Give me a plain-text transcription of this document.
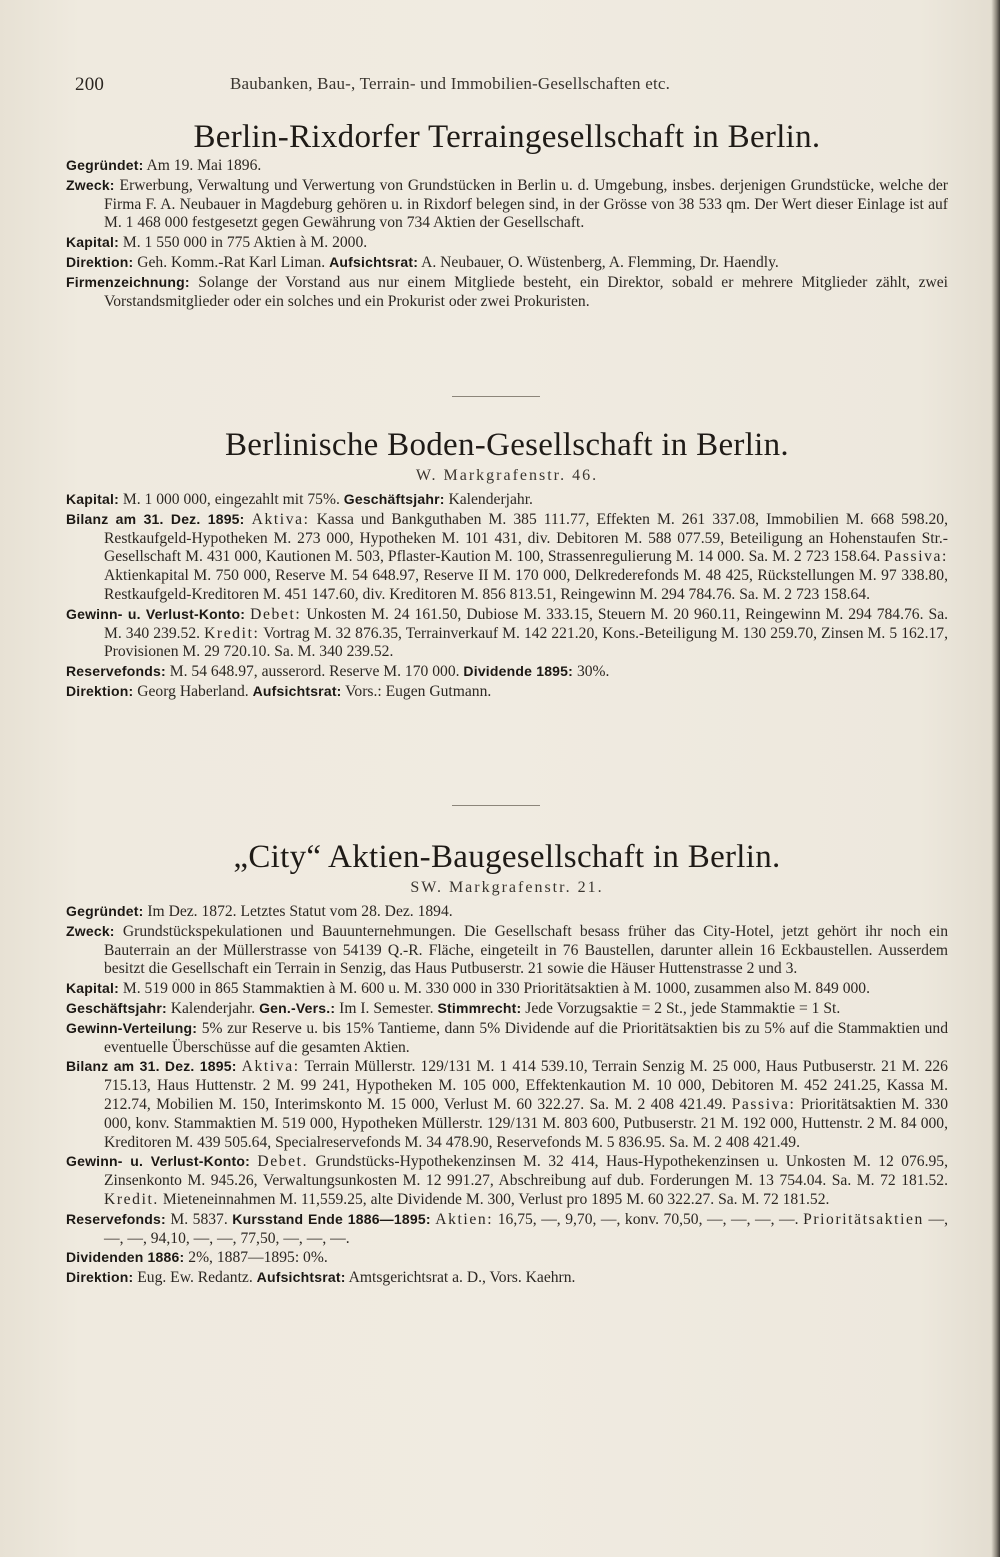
200	Baubanken, Bau-, Terrain- und Immobilien-Gesellschaften etc.
Berlin-Rixdorfer Terraingesellschaft in Berlin.

Gegründet: Am 19. Mai 1896.

Zweck: Erwerbung, Verwaltung und Verwertung von Grundstücken in Berlin u. d. Umgebung, insbes. derjenigen Grundstücke, welche der Firma F. A. Neubauer in Magdeburg gehören u. in Rixdorf belegen sind, in der Grösse von 38 533 qm. Der Wert dieser Einlage ist auf M. 1 468 000 festgesetzt gegen Gewährung von 734 Aktien der Gesellschaft.

Kapital: M. 1 550 000 in 775 Aktien à M. 2000.

Direktion: Geh. Komm.-Rat Karl Liman. Aufsichtsrat: A. Neubauer, O. Wüstenberg, A. Flemming, Dr. Haendly.

Firmenzeichnung: Solange der Vorstand aus nur einem Mitgliede besteht, ein Direktor, sobald er mehrere Mitglieder zählt, zwei Vorstandsmitglieder oder ein solches und ein Prokurist oder zwei Prokuristen.

Berlinische Boden-Gesellschaft in Berlin.
W. Markgrafenstr. 46.

Kapital: M. 1 000 000, eingezahlt mit 75%. Geschäftsjahr: Kalenderjahr.

Bilanz am 31. Dez. 1895: Aktiva: Kassa und Bankguthaben M. 385 111.77, Effekten M. 261 337.08, Immobilien M. 668 598.20, Restkaufgeld-Hypotheken M. 273 000, Hypotheken M. 101 431, div. Debitoren M. 588 077.59, Beteiligung an Hohenstaufen Str.-Gesellschaft M. 431 000, Kautionen M. 503, Pflaster-Kaution M. 100, Strassenregulierung M. 14 000. Sa. M. 2 723 158.64. Passiva: Aktienkapital M. 750 000, Reserve M. 54 648.97, Reserve II M. 170 000, Delkrederefonds M. 48 425, Rückstellungen M. 97 338.80, Restkaufgeld-Kreditoren M. 451 147.60, div. Kreditoren M. 856 813.51, Reingewinn M. 294 784.76. Sa. M. 2 723 158.64.

Gewinn- u. Verlust-Konto: Debet: Unkosten M. 24 161.50, Dubiose M. 333.15, Steuern M. 20 960.11, Reingewinn M. 294 784.76. Sa. M. 340 239.52. Kredit: Vortrag M. 32 876.35, Terrainverkauf M. 142 221.20, Kons.-Beteiligung M. 130 259.70, Zinsen M. 5 162.17, Provisionen M. 29 720.10. Sa. M. 340 239.52.

Reservefonds: M. 54 648.97, ausserord. Reserve M. 170 000. Dividende 1895: 30%.

Direktion: Georg Haberland. Aufsichtsrat: Vors.: Eugen Gutmann.

„City“ Aktien-Baugesellschaft in Berlin.
SW. Markgrafenstr. 21.

Gegründet: Im Dez. 1872. Letztes Statut vom 28. Dez. 1894.

Zweck: Grundstückspekulationen und Bauunternehmungen. Die Gesellschaft besass früher das City-Hotel, jetzt gehört ihr noch ein Bauterrain an der Müllerstrasse von 54139 Q.-R. Fläche, eingeteilt in 76 Baustellen, darunter allein 16 Eckbaustellen. Ausserdem besitzt die Gesellschaft ein Terrain in Senzig, das Haus Putbuserstr. 21 sowie die Häuser Huttenstrasse 2 und 3.

Kapital: M. 519 000 in 865 Stammaktien à M. 600 u. M. 330 000 in 330 Prioritätsaktien à M. 1000, zusammen also M. 849 000.

Geschäftsjahr: Kalenderjahr. Gen.-Vers.: Im I. Semester. Stimmrecht: Jede Vorzugsaktie = 2 St., jede Stammaktie = 1 St.

Gewinn-Verteilung: 5% zur Reserve u. bis 15% Tantieme, dann 5% Dividende auf die Prioritätsaktien bis zu 5% auf die Stammaktien und eventuelle Überschüsse auf die gesamten Aktien.

Bilanz am 31. Dez. 1895: Aktiva: Terrain Müllerstr. 129/131 M. 1 414 539.10, Terrain Senzig M. 25 000, Haus Putbuserstr. 21 M. 226 715.13, Haus Huttenstr. 2 M. 99 241, Hypotheken M. 105 000, Effektenkaution M. 10 000, Debitoren M. 452 241.25, Kassa M. 212.74, Mobilien M. 150, Interimskonto M. 15 000, Verlust M. 60 322.27. Sa. M. 2 408 421.49. Passiva: Prioritätsaktien M. 330 000, konv. Stammaktien M. 519 000, Hypotheken Müllerstr. 129/131 M. 803 600, Putbuserstr. 21 M. 192 000, Huttenstr. 2 M. 84 000, Kreditoren M. 439 505.64, Specialreservefonds M. 34 478.90, Reservefonds M. 5 836.95. Sa. M. 2 408 421.49.

Gewinn- u. Verlust-Konto: Debet. Grundstücks-Hypothekenzinsen M. 32 414, Haus-Hypothekenzinsen u. Unkosten M. 12 076.95, Zinsenkonto M. 945.26, Verwaltungsunkosten M. 12 991.27, Abschreibung auf dub. Forderungen M. 13 754.04. Sa. M. 72 181.52. Kredit. Mieteneinnahmen M. 11,559.25, alte Dividende M. 300, Verlust pro 1895 M. 60 322.27. Sa. M. 72 181.52.

Reservefonds: M. 5837. Kursstand Ende 1886—1895: Aktien: 16,75, —, 9,70, —, konv. 70,50, —, —, —, —. Prioritätsaktien —, —, —, 94,10, —, —, 77,50, —, —, —.

Dividenden 1886: 2%, 1887—1895: 0%.

Direktion: Eug. Ew. Redantz. Aufsichtsrat: Amtsgerichtsrat a. D., Vors. Kaehrn.
